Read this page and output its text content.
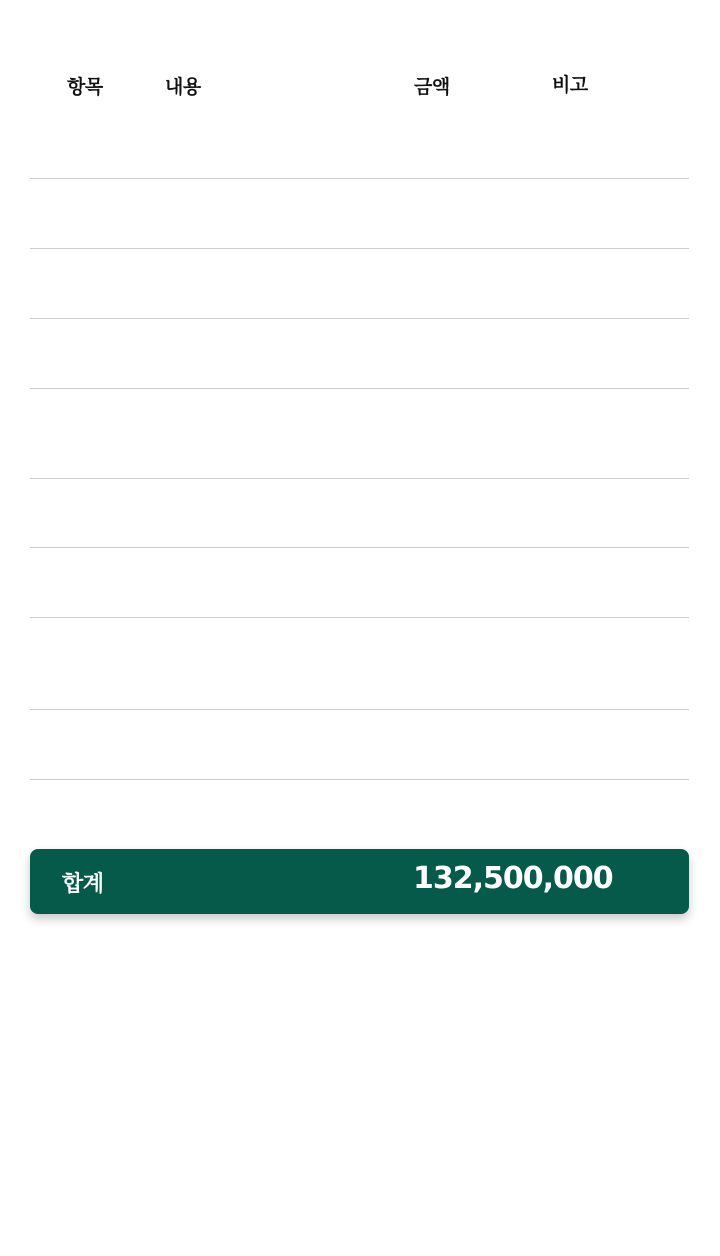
항목	내용	금액	비고
합계	132,500,000
